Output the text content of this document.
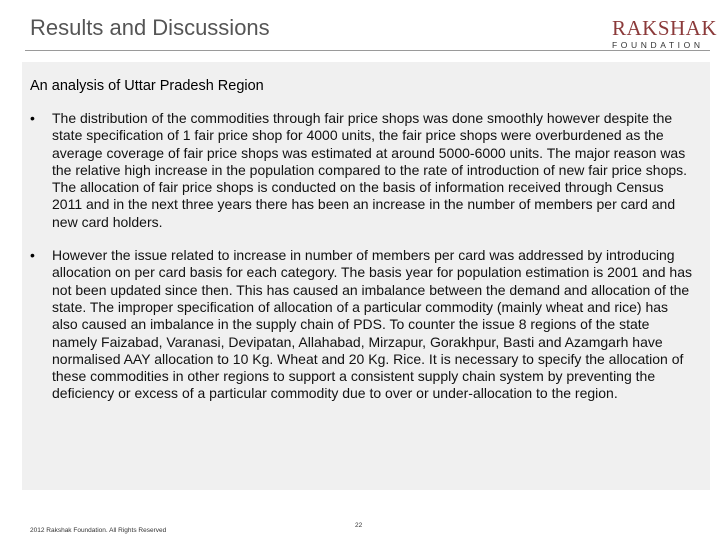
Results and Discussions	RAKSHAK
FOUNDATION
An analysis of Uttar Pradesh Region
• The distribution of the commodities through fair price shops was done smoothly however despite the state specification of 1 fair price shop for 4000 units, the fair price shops were overburdened as the average coverage of fair price shops was estimated at around 5000-6000 units. The major reason was the relative high increase in the population compared to the rate of introduction of new fair price shops. The allocation of fair price shops is conducted on the basis of information received through Census 2011 and in the next three years there has been an increase in the number of members per card and new card holders.
• However the issue related to increase in number of members per card was addressed by introducing allocation on per card basis for each category. The basis year for population estimation is 2001 and has not been updated since then. This has caused an imbalance between the demand and allocation of the state. The improper specification of allocation of a particular commodity (mainly wheat and rice) has also caused an imbalance in the supply chain of PDS. To counter the issue 8 regions of the state namely Faizabad, Varanasi, Devipatan, Allahabad, Mirzapur, Gorakhpur, Basti and Azamgarh have normalised AAY allocation to 10 Kg. Wheat and 20 Kg. Rice. It is necessary to specify the allocation of these commodities in other regions to support a consistent supply chain system by preventing the deficiency or excess of a particular commodity due to over or under-allocation to the region.
2012 Rakshak Foundation. All Rights Reserved
22
